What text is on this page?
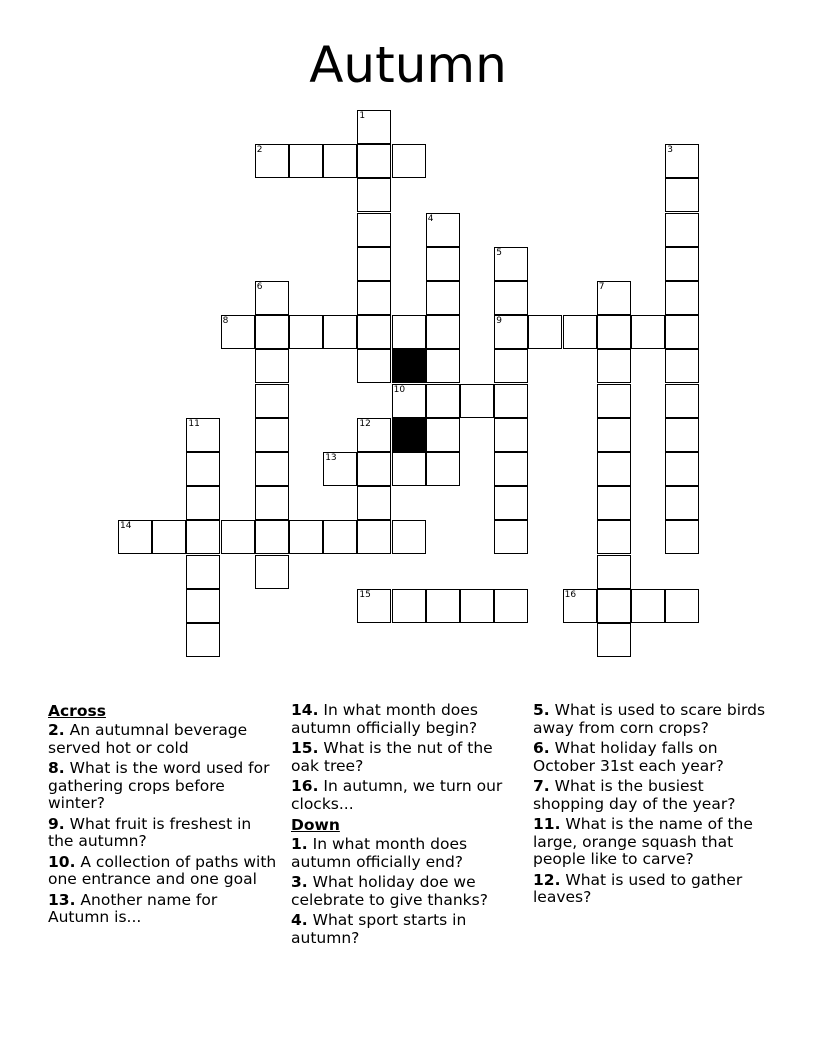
Autumn
1
2	3
4
5
9
6	7
8
10
11	12
13
14
15	16
Across
2. An autumnal beverage served hot or cold
8. What is the word used for gathering crops before winter?
9. What fruit is freshest in the autumn?
10. A collection of paths with one entrance and one goal
13. Another name for Autumn is...
14. In what month does autumn officially begin?
15. What is the nut of the oak tree?
16. In autumn, we turn our clocks...
Down
1. In what month does autumn officially end?
3. What holiday doe we celebrate to give thanks?
4. What sport starts in autumn?
5. What is used to scare birds away from corn crops?
6. What holiday falls on October 31st each year?
7. What is the busiest shopping day of the year?
11. What is the name of the large, orange squash that people like to carve?
12. What is used to gather leaves?
